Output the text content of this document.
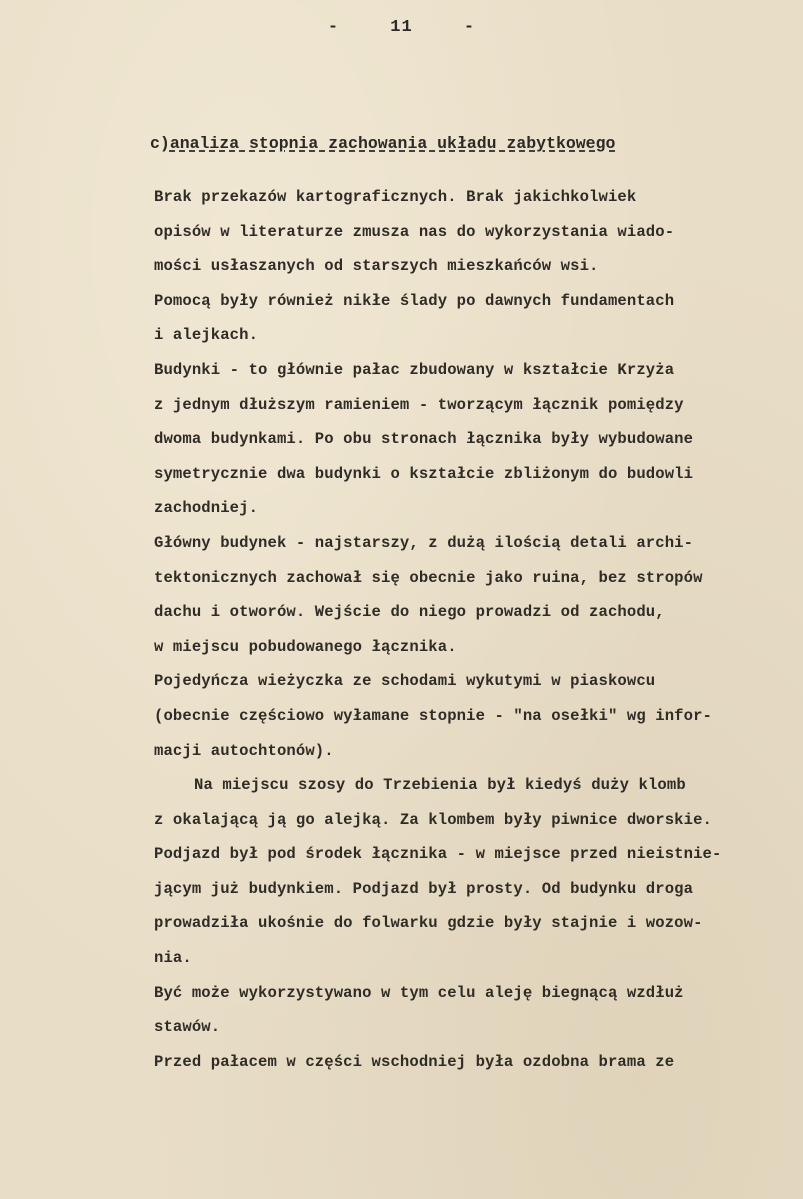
-	11	-
c)analiza stopnia zachowania układu zabytkowego
Brak przekazów kartograficznych. Brak jakichkolwiek
opisów w literaturze zmusza nas do wykorzystania wiado-
mości usłaszanych od starszych mieszkańców wsi.
Pomocą były również nikłe ślady po dawnych fundamentach
i alejkach.
Budynki - to głównie pałac zbudowany w kształcie Krzyża
z jednym dłuższym ramieniem - tworzącym łącznik pomiędzy
dwoma budynkami. Po obu stronach łącznika były wybudowane
symetrycznie dwa budynki o kształcie zbliżonym do budowli
zachodniej.
Główny budynek - najstarszy, z dużą ilością detali archi-
tektonicznych zachował się obecnie jako ruina, bez stropów
dachu i otworów. Wejście do niego prowadzi od zachodu,
w miejscu pobudowanego łącznika.
Pojedyńcza wieżyczka ze schodami wykutymi w piaskowcu
(obecnie częściowo wyłamane stopnie - "na osełki" wg infor-
macji autochtonów).
Na miejscu szosy do Trzebienia był kiedyś duży klomb
z okalającą ją go alejką. Za klombem były piwnice dworskie.
Podjazd był pod środek łącznika - w miejsce przed nieistnie-
jącym już budynkiem. Podjazd był prosty. Od budynku droga
prowadziła ukośnie do folwarku gdzie były stajnie i wozow-
nia.
Być może wykorzystywano w tym celu aleję biegnącą wzdłuż
stawów.
Przed pałacem w części wschodniej była ozdobna brama ze
